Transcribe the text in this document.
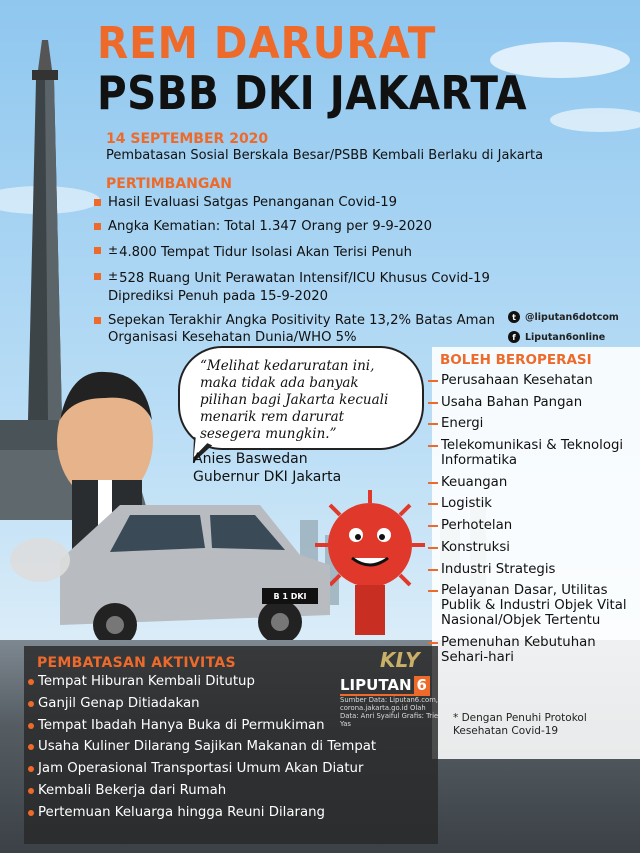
REM DARURAT
PSBB DKI JAKARTA
14 SEPTEMBER 2020
Pembatasan Sosial Berskala Besar/PSBB Kembali Berlaku di Jakarta
PERTIMBANGAN
Hasil Evaluasi Satgas Penanganan Covid-19
Angka Kematian: Total 1.347 Orang per 9-9-2020
±4.800 Tempat Tidur Isolasi Akan Terisi Penuh
±528 Ruang Unit Perawatan Intensif/ICU Khusus Covid-19 Diprediksi Penuh pada 15-9-2020
Sepekan Terakhir Angka Positivity Rate 13,2% Batas Aman Organisasi Kesehatan Dunia/WHO 5%
t @liputan6dotcom
f Liputan6online

“Melihat kedaruratan ini, maka tidak ada banyak pilihan bagi Jakarta kecuali menarik rem darurat sesegera mungkin.”

Anies Baswedan
Gubernur DKI Jakarta
B 1 DKI
BOLEH BEROPERASI
Perusahaan Kesehatan
Usaha Bahan Pangan
Energi
Telekomunikasi & Teknologi Informatika
Keuangan
Logistik
Perhotelan
Konstruksi
Industri Strategis
Pelayanan Dasar, Utilitas Publik & Industri Objek Vital Nasional/Objek Tertentu
Pemenuhan Kebutuhan Sehari-hari
* Dengan Penuhi Protokol Kesehatan Covid-19
PEMBATASAN AKTIVITAS
Tempat Hiburan Kembali Ditutup
Ganjil Genap Ditiadakan
Tempat Ibadah Hanya Buka di Permukiman
Usaha Kuliner Dilarang Sajikan Makanan di Tempat
Jam Operasional Transportasi Umum Akan Diatur
Kembali Bekerja dari Rumah
Pertemuan Keluarga hingga Reuni Dilarang
KLY
LIPUTAN 6
Sumber Data: Liputan6.com, corona.jakarta.go.id Olah Data: Anri Syaiful Grafis: Trie Yas
